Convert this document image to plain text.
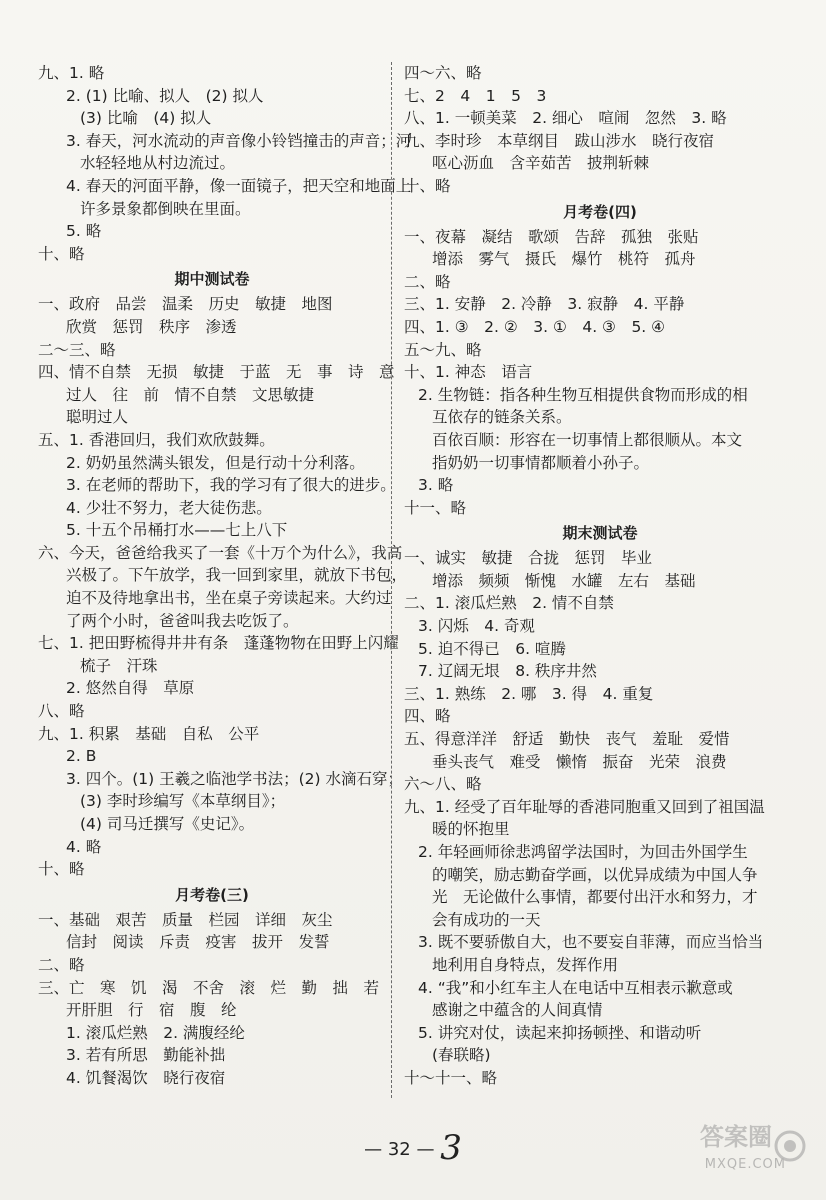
九、1. 略
2. (1) 比喻、拟人　(2) 拟人
(3) 比喻　(4) 拟人
3. 春天，河水流动的声音像小铃铛撞击的声音；河
水轻轻地从村边流过。
4. 春天的河面平静，像一面镜子，把天空和地面上
许多景象都倒映在里面。
5. 略
十、略
期中测试卷
一、政府　品尝　温柔　历史　敏捷　地图
欣赏　惩罚　秩序　渗透
二～三、略
四、情不自禁　无损　敏捷　于蓝　无　事　诗　意
过人　往　前　情不自禁　文思敏捷
聪明过人
五、1. 香港回归，我们欢欣鼓舞。
2. 奶奶虽然满头银发，但是行动十分利落。
3. 在老师的帮助下，我的学习有了很大的进步。
4. 少壮不努力，老大徒伤悲。
5. 十五个吊桶打水——七上八下
六、今天，爸爸给我买了一套《十万个为什么》，我高
兴极了。下午放学，我一回到家里，就放下书包，
迫不及待地拿出书，坐在桌子旁读起来。大约过
了两个小时，爸爸叫我去吃饭了。
七、1. 把田野梳得井井有条　蓬蓬物物在田野上闪耀
梳子　汗珠
2. 悠然自得　草原
八、略
九、1. 积累　基础　自私　公平
2. B
3. 四个。(1) 王羲之临池学书法；(2) 水滴石穿；
(3) 李时珍编写《本草纲目》；
(4) 司马迁撰写《史记》。
4. 略
十、略
月考卷(三)
一、基础　艰苦　质量　栏园　详细　灰尘
信封　阅读　斥责　疫害　拔开　发誓
二、略
三、亡　寒　饥　渴　不舍　滚　烂　勤　拙　若
开肝胆　行　宿　腹　纶
1. 滚瓜烂熟　2. 满腹经纶
3. 若有所思　勤能补拙
4. 饥餐渴饮　晓行夜宿
四～六、略
七、2　4　1　5　3
八、1. 一顿美菜　2. 细心　喧闹　忽然　3. 略
九、李时珍　本草纲目　跋山涉水　晓行夜宿
呕心沥血　含辛茹苦　披荆斩棘
十、略
月考卷(四)
一、夜幕　凝结　歌颂　告辞　孤独　张贴
增添　雾气　摄氏　爆竹　桃符　孤舟
二、略
三、1. 安静　2. 冷静　3. 寂静　4. 平静
四、1. ③　2. ②　3. ①　4. ③　5. ④
五～九、略
十、1. 神态　语言
2. 生物链：指各种生物互相提供食物而形成的相
互依存的链条关系。
百依百顺：形容在一切事情上都很顺从。本文
指奶奶一切事情都顺着小孙子。
3. 略
十一、略
期末测试卷
一、诚实　敏捷　合拢　惩罚　毕业
增添　频频　惭愧　水罐　左右　基础
二、1. 滚瓜烂熟　2. 情不自禁
3. 闪烁　4. 奇观
5. 迫不得已　6. 喧腾
7. 辽阔无垠　8. 秩序井然
三、1. 熟练　2. 哪　3. 得　4. 重复
四、略
五、得意洋洋　舒适　勤快　丧气　羞耻　爱惜
垂头丧气　难受　懒惰　振奋　光荣　浪费
六～八、略
九、1. 经受了百年耻辱的香港同胞重又回到了祖国温
暖的怀抱里
2. 年轻画师徐悲鸿留学法国时，为回击外国学生
的嘲笑，励志勤奋学画，以优异成绩为中国人争
光　无论做什么事情，都要付出汗水和努力，才
会有成功的一天
3. 既不要骄傲自大，也不要妄自菲薄，而应当恰当
地利用自身特点，发挥作用
4. “我”和小红车主人在电话中互相表示歉意或
感谢之中蕴含的人间真情
5. 讲究对仗，读起来抑扬顿挫、和谐动听
(春联略)
十～十一、略
— 32 — 3	答案圈
MXQE.COM
